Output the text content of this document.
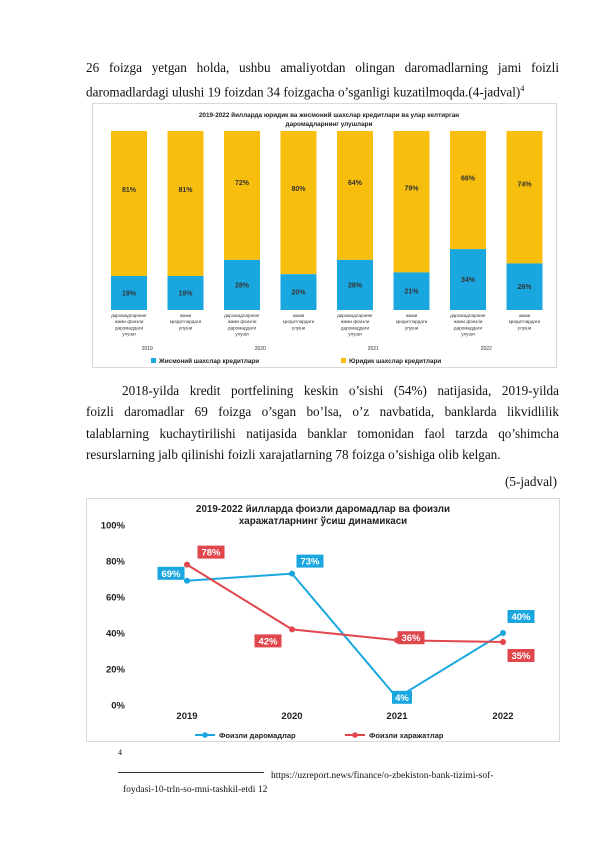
26 foizga yetgan holda, ushbu amaliyotdan olingan daromadlarning jami foizli
daromadlardagi ulushi 19 foizdan 34 foizgacha o’sganligi kuzatilmoqda.(4-jadval)$^4$
2019-2022 йилларда юридик ва жисмоний шахслар кредитлари ва улар келтирган
даромадларнинг улушлари
81%
19%
81%
19%
72%
28%
80%
20%
64%
28%
79%
21%
66%
34%
74%
26%
даромадларнинг
жами фоизли
даромаддаги
улуши
жами
кредитлардаги
улуши
даромадларнинг
жами фоизли
даромаддаги
улуши
жами
кредитлардаги
улуши
даромадларнинг
жами фоизли
даромаддаги
улуши
жами
кредитлардаги
улуши
даромадларнинг
жами фоизли
даромаддаги
улуши
жами
кредитлардаги
улуши
2019	2020	2021	2022
Жисмоний шахслар кредитлари	Юридик шахслар кредитлари
2018-yilda kredit portfelining keskin o’sishi (54%) natijasida, 2019-yilda
foizli daromadlar 69 foizga o’sgan bo’lsa, o’z navbatida, banklarda likvidlilik
talablarning kuchaytirilishi natijasida banklar tomonidan faol tarzda qo’shimcha
resurslarning jalb qilinishi foizli xarajatlarning 78 foizga o’sishiga olib kelgan.
(5-jadval)
2019-2022 йилларда фоизли даромадлар ва фоизли
харажатларнинг ўсиш динамикаси
0%
20%
40%
60%
80%
100%
2019	2020	2021	2022
69%
73%
4%
40%
78%
42%	36%
35%
Фоизли даромадлар	Фоизли харажатлар
4
https://uzreport.news/finance/o-zbekiston-bank-tizimi-sof-
foydasi-10-trln-so-mni-tashkil-etdi 12
